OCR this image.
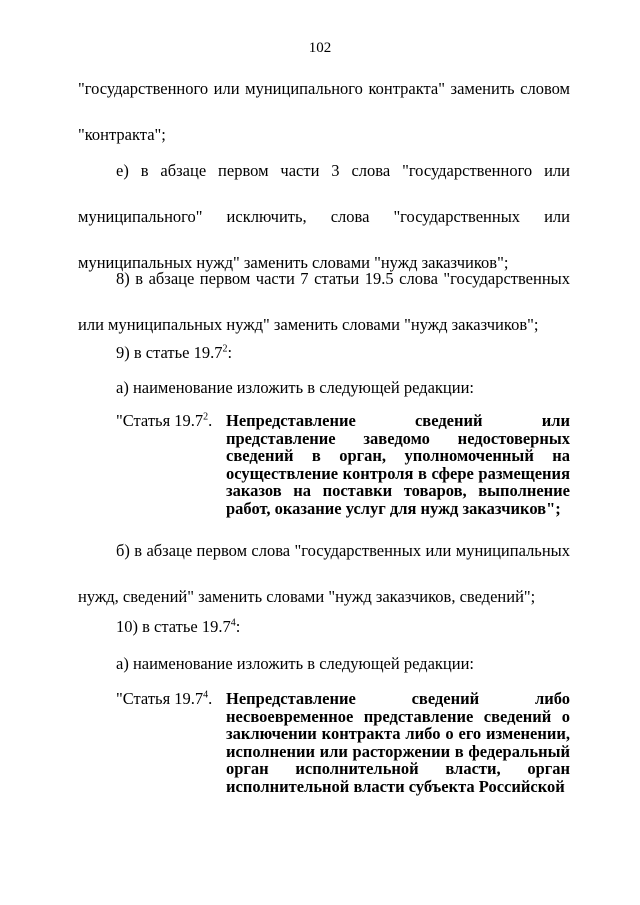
102
"государственного или муниципального контракта" заменить словом "контракта";
е) в абзаце первом части 3 слова "государственного или муниципального" исключить, слова "государственных или муниципальных нужд" заменить словами "нужд заказчиков";
8) в абзаце первом части 7 статьи 19.5 слова "государственных или муниципальных нужд" заменить словами "нужд заказчиков";
9) в статье 19.7$^2$:
а) наименование изложить в следующей редакции:
"Статья 19.7$^2$. Непредставление сведений или
представление заведомо недостоверных
сведений в орган, уполномоченный на
осуществление контроля в сфере размещения
заказов на поставки товаров, выполнение
работ, оказание услуг для нужд заказчиков";
б) в абзаце первом слова "государственных или муниципальных нужд, сведений" заменить словами "нужд заказчиков, сведений";
10) в статье 19.7$^4$:
а) наименование изложить в следующей редакции:
"Статья 19.7$^4$. Непредставление сведений либо
несвоевременное представление сведений о
заключении контракта либо о его изменении,
исполнении или расторжении в федеральный
орган исполнительной власти, орган
исполнительной власти субъекта Российской
